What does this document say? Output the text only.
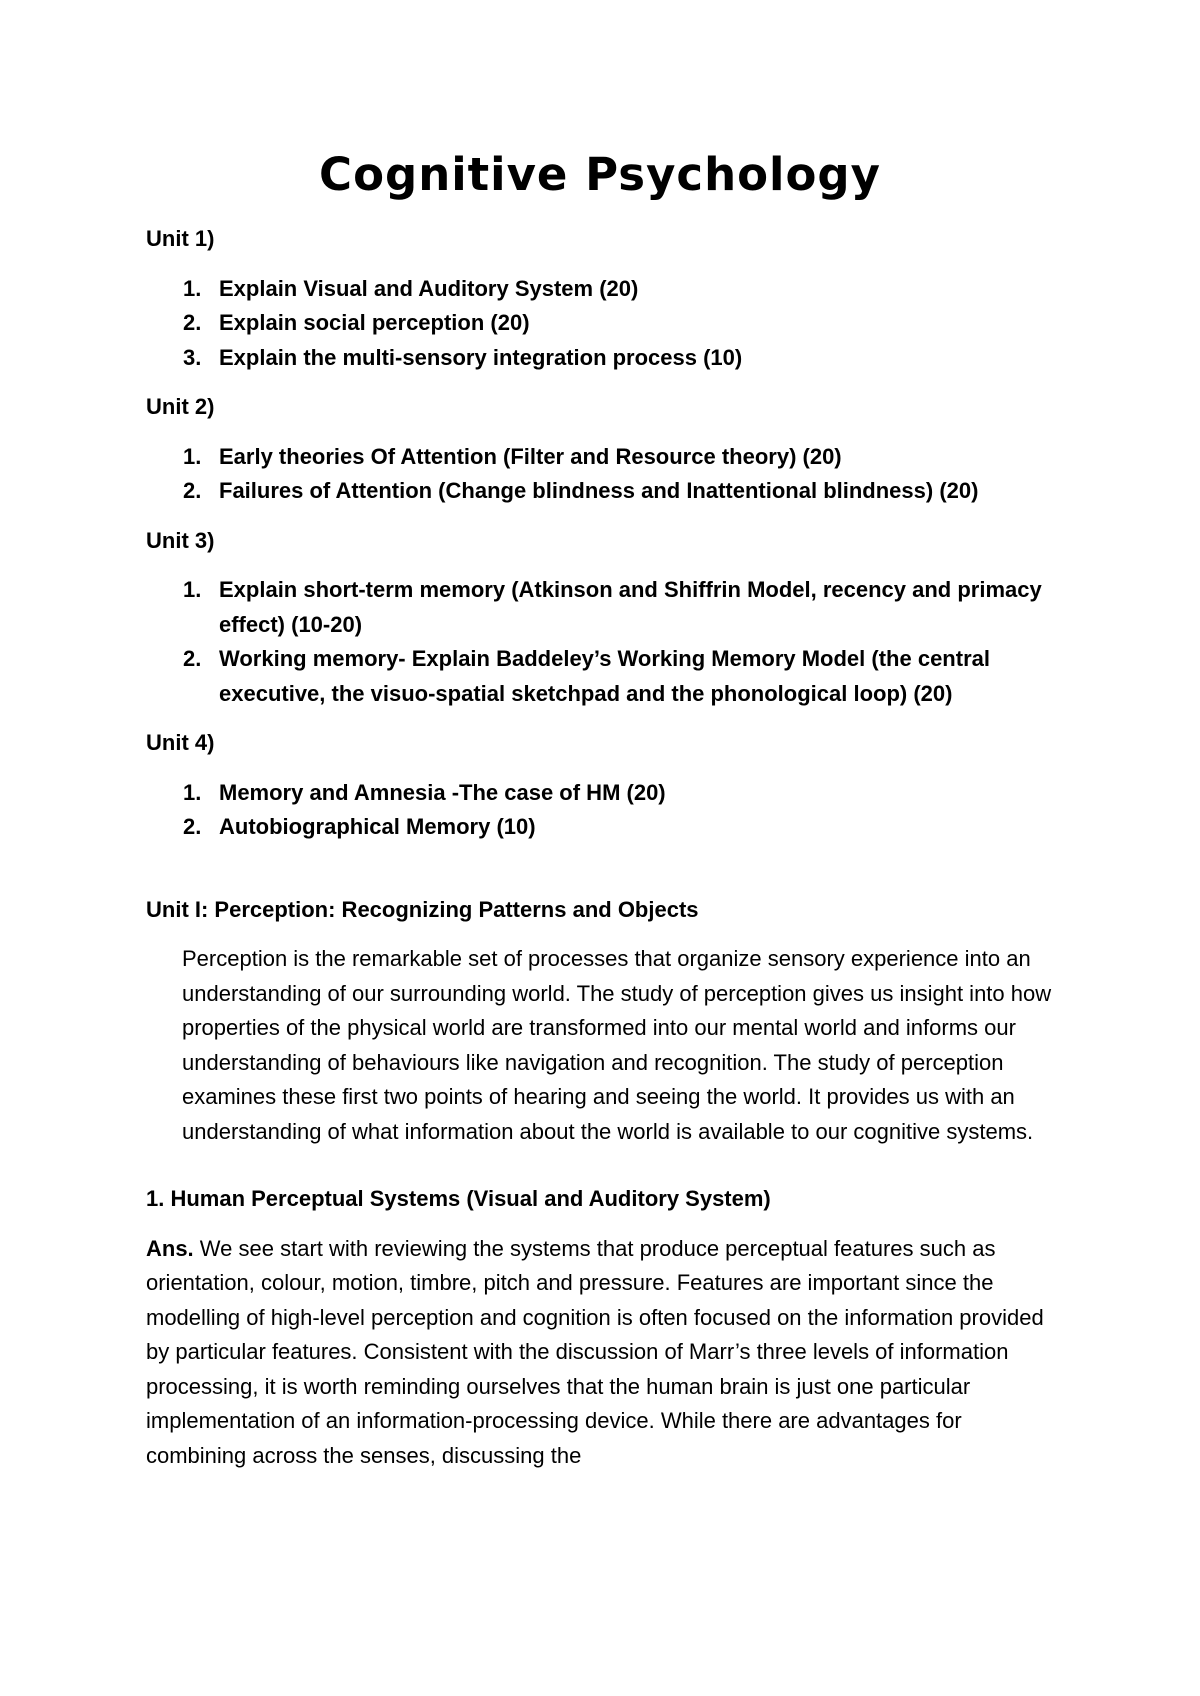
Cognitive Psychology

Unit 1)

1. Explain Visual and Auditory System (20)
2. Explain social perception (20)
3. Explain the multi-sensory integration process (10)

Unit 2)

1. Early theories Of Attention (Filter and Resource theory) (20)
2. Failures of Attention (Change blindness and Inattentional blindness) (20)

Unit 3)

1. Explain short-term memory (Atkinson and Shiffrin Model, recency and primacy effect) (10-20)
2. Working memory- Explain Baddeley’s Working Memory Model (the central executive, the visuo-spatial sketchpad and the phonological loop) (20)

Unit 4)

1. Memory and Amnesia -The case of HM (20)
2. Autobiographical Memory (10)

Unit I: Perception: Recognizing Patterns and Objects

Perception is the remarkable set of processes that organize sensory experience into an understanding of our surrounding world. The study of perception gives us insight into how properties of the physical world are transformed into our mental world and informs our understanding of behaviours like navigation and recognition. The study of perception examines these first two points of hearing and seeing the world. It provides us with an understanding of what information about the world is available to our cognitive systems.

1. Human Perceptual Systems (Visual and Auditory System)

Ans. We see start with reviewing the systems that produce perceptual features such as orientation, colour, motion, timbre, pitch and pressure. Features are important since the modelling of high-level perception and cognition is often focused on the information provided by particular features. Consistent with the discussion of Marr’s three levels of information processing, it is worth reminding ourselves that the human brain is just one particular implementation of an information-processing device. While there are advantages for combining across the senses, discussing the
